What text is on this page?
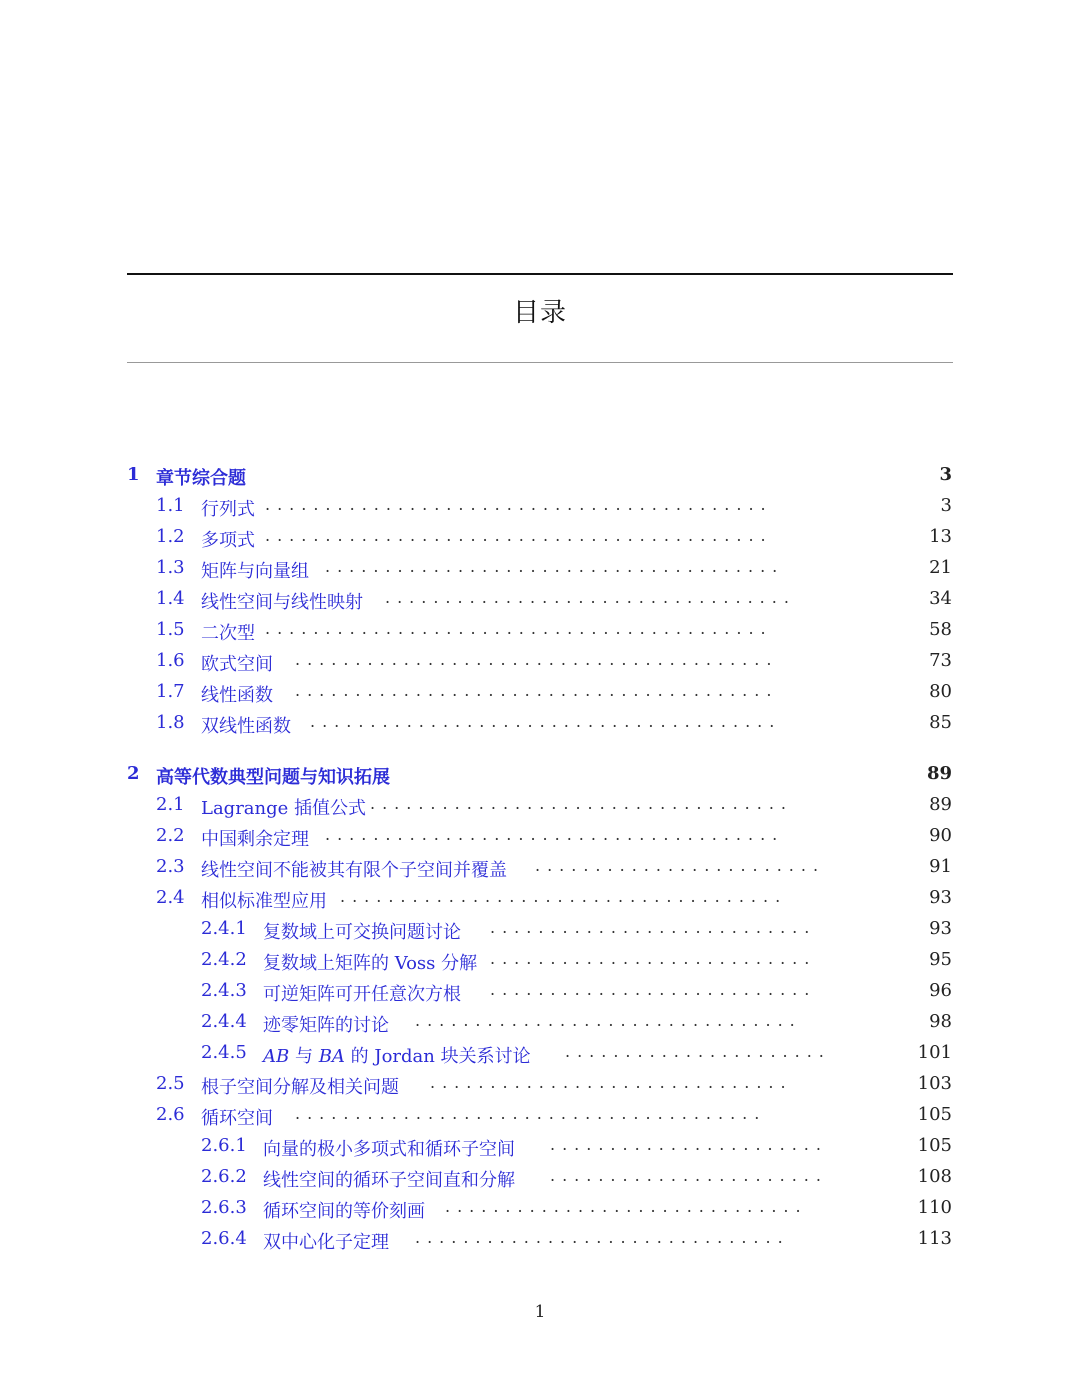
目录
1 章节综合题	3
1.1 行列式 ..........................................	3
1.2 多项式 ..........................................	13
1.3 矩阵与向量组 ......................................	21
1.4 线性空间与线性映射 ..................................	34
1.5 二次型 ..........................................	58
1.6 欧式空间 ........................................	73
1.7 线性函数 ........................................	80
1.8 双线性函数 .......................................	85
2 高等代数典型问题与知识拓展	89
2.1 Lagrange 插值公式 ...................................	89
2.2 中国剩余定理 ......................................	90
2.3 线性空间不能被其有限个子空间并覆盖 ........................	91
2.4 相似标准型应用 .....................................	93
2.4.1 复数域上可交换问题讨论 ...........................	93
2.4.2 复数域上矩阵的 Voss 分解 ...........................	95
2.4.3 可逆矩阵可开任意次方根 ...........................	96
2.4.4 迹零矩阵的讨论 ................................	98
2.4.5 AB 与 BA 的 Jordan 块关系讨论 ......................	101
2.5 根子空间分解及相关问题 ..............................	103
2.6 循环空间 .......................................	105
2.6.1 向量的极小多项式和循环子空间 .......................	105
2.6.2 线性空间的循环子空间直和分解 .......................	108
2.6.3 循环空间的等价刻画 ..............................	110
2.6.4 双中心化子定理 ...............................	113
1
